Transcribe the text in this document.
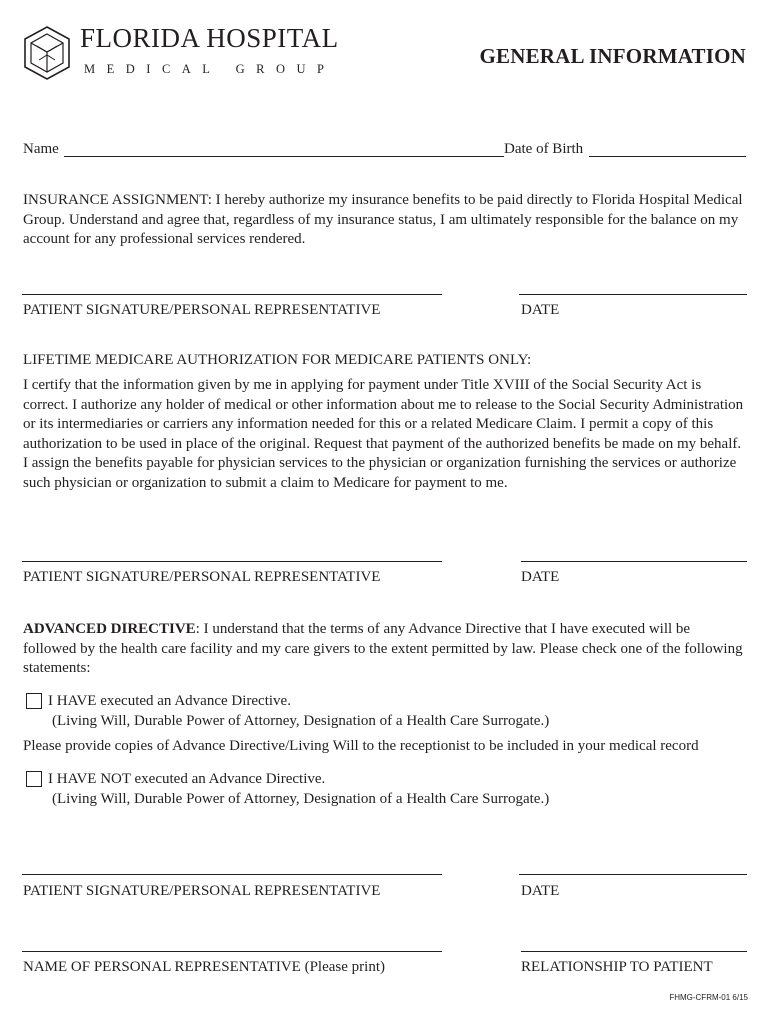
FLORIDA HOSPITAL
MEDICAL GROUP
GENERAL INFORMATION
Name	Date of Birth
INSURANCE ASSIGNMENT: I hereby authorize my insurance benefits to be paid directly to Florida Hospital Medical Group. Understand and agree that, regardless of my insurance status, I am ultimately responsible for the balance on my account for any professional services rendered.
PATIENT SIGNATURE/PERSONAL REPRESENTATIVE	DATE
LIFETIME MEDICARE AUTHORIZATION FOR MEDICARE PATIENTS ONLY:
I certify that the information given by me in applying for payment under Title XVIII of the Social Security Act is correct. I authorize any holder of medical or other information about me to release to the Social Security Administration or its intermediaries or carriers any information needed for this or a related Medicare Claim. I permit a copy of this authorization to be used in place of the original. Request that payment of the authorized benefits be made on my behalf. I assign the benefits payable for physician services to the physician or organization furnishing the services or authorize such physician or organization to submit a claim to Medicare for payment to me.
PATIENT SIGNATURE/PERSONAL REPRESENTATIVE	DATE
ADVANCED DIRECTIVE: I understand that the terms of any Advance Directive that I have executed will be followed by the health care facility and my care givers to the extent permitted by law. Please check one of the following statements:
I HAVE executed an Advance Directive.
(Living Will, Durable Power of Attorney, Designation of a Health Care Surrogate.)
Please provide copies of Advance Directive/Living Will to the receptionist to be included in your medical record
I HAVE NOT executed an Advance Directive.
(Living Will, Durable Power of Attorney, Designation of a Health Care Surrogate.)
PATIENT SIGNATURE/PERSONAL REPRESENTATIVE	DATE
NAME OF PERSONAL REPRESENTATIVE (Please print)	RELATIONSHIP TO PATIENT
FHMG-CFRM-01 6/15
